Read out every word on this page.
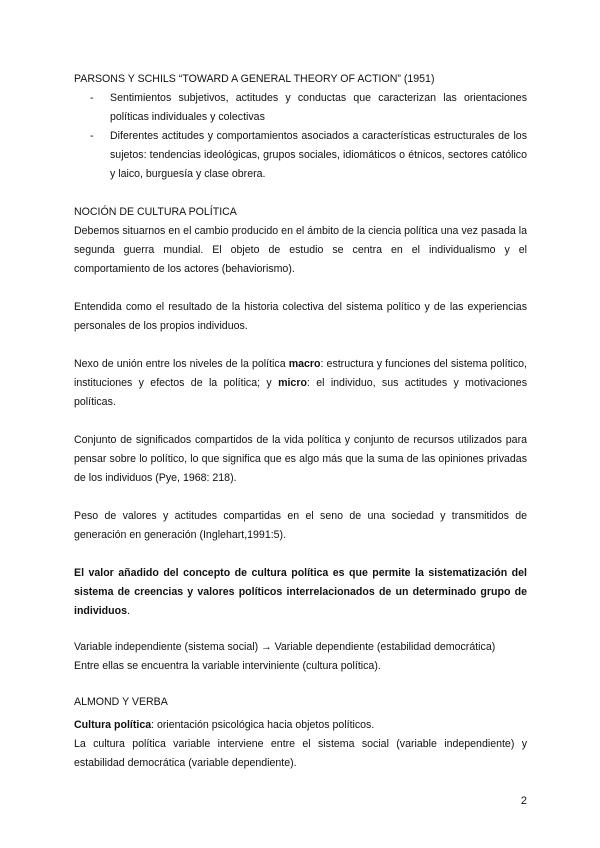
PARSONS Y SCHILS “TOWARD A GENERAL THEORY OF ACTION” (1951)

- Sentimientos subjetivos, actitudes y conductas que caracterizan las orientaciones políticas individuales y colectivas
- Diferentes actitudes y comportamientos asociados a características estructurales de los sujetos: tendencias ideológicas, grupos sociales, idiomáticos o étnicos, sectores católico y laico, burguesía y clase obrera.

NOCIÓN DE CULTURA POLÍTICA

Debemos situarnos en el cambio producido en el ámbito de la ciencia política una vez pasada la segunda guerra mundial. El objeto de estudio se centra en el individualismo y el comportamiento de los actores (behaviorismo).

Entendida como el resultado de la historia colectiva del sistema político y de las experiencias personales de los propios individuos.

Nexo de unión entre los niveles de la política macro: estructura y funciones del sistema político, instituciones y efectos de la política; y micro: el individuo, sus actitudes y motivaciones políticas.

Conjunto de significados compartidos de la vida política y conjunto de recursos utilizados para pensar sobre lo político, lo que significa que es algo más que la suma de las opiniones privadas de los individuos (Pye, 1968: 218).

Peso de valores y actitudes compartidas en el seno de una sociedad y transmitidos de generación en generación (Inglehart,1991:5).

El valor añadido del concepto de cultura política es que permite la sistematización del sistema de creencias y valores políticos interrelacionados de un determinado grupo de individuos.

Variable independiente (sistema social) → Variable dependiente (estabilidad democrática)
Entre ellas se encuentra la variable interviniente (cultura política).

ALMOND Y VERBA

Cultura política: orientación psicológica hacia objetos políticos.

La cultura política variable interviene entre el sistema social (variable independiente) y estabilidad democrática (variable dependiente).

2
